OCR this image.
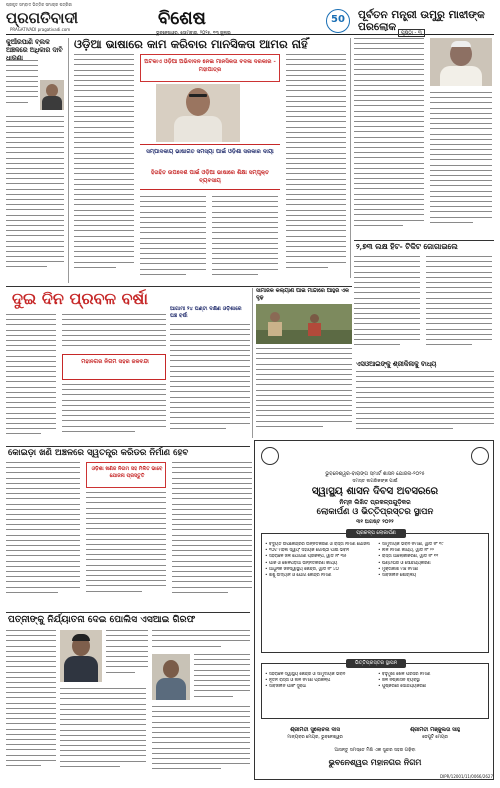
ପ୍ରକୃତ ସମ୍ବାଦ ଭିତ୍ତିକ ସମାଚାର ପତ୍ରିକା
ପ୍ରଗତିବାଦୀ
PRAGATIVADI pragativadi.com
ବିଶେଷ	50
ଭୁବନେଶ୍ୱର, ସୋମବାର, ୨୦୨୫, ୧୩ ଜୁଲାଇ	ପୃଷ୍ଠା - ୩
ପୂର୍ବତନ ମନ୍ତ୍ରୀ ଉମୁରୁ ମାଝୀଙ୍କ ପରଲୋକ
କୁଆଁରପାଣି ବ୍ଲକ ଅଞ୍ଚଳରେ ଅଧିକାର ଦାବି ଧାରଣା
ଓଡ଼ିଆ ଭାଷାରେ କାମ କରିବାର ମାନସିକତା ଆମର ନାହିଁ
ଅଟକାଏ ଓଡ଼ିଆ ଅଭିବାଦନ ନେଇ ମାନସିକତା ବଦଳା ଦରକାର - ମହାପାତ୍ର
ସମ୍ପାଦକୀୟ ଭାଷାଗତ ସମସ୍ୟା ପାଇଁ ଓଡ଼ିଶା ସରକାର ଦାୟୀ
ହିତାହିତ ଉପଦେଶ ପାଇଁ ଓଡ଼ିଆ ଭାଷାରେ ଶିକ୍ଷା ସମ୍ପୃକ୍ତ ବ୍ୟବସାୟ
୨,୭୩ ଲକ୍ଷ ହିଟ- ଟିକିଟ ଜୋଗାଇଲେ
ଦୁଇ ଦିନ ପ୍ରବଳ ବର୍ଷା
ମହାନଗର ନିଗମ ସହର ଜଳବନ୍ଦୀ
ଆଗାମୀ ୨୪ ଘଣ୍ଟା ଦକ୍ଷିଣ ଓଡ଼ିଶାରେ ଘଞ୍ଚ ବର୍ଷା
ସାମାଜିକ କଲ୍ୟାଣ ପାଇଁ ମାନ୍ଦାରେ ଆହୁରି ଏକ ଦୃଢ଼
ଏସଓଆଇଙ୍କୁ ଶ୍ରୀକିଳାକୁ ବାଧ୍ୟ
କୋଇଡ଼ା ଖଣି ଅଞ୍ଚଳରେ ସ୍ୱତନ୍ତ୍ର କରିଡର ନିର୍ମାଣ ହେବ
ଓଡ଼ିଶା ଖଣିଜ ନିଗମ ସହ ମିଳିତ ଭାବେ ଯୋଜନା ପ୍ରସ୍ତୁତି
ପତ୍ନୀଙ୍କୁ ନିର୍ଯ୍ୟାତନା ଦେଇ ପୋଲିସ ଏସଆଇ ଗିରଫ
ଭୁବନେଶ୍ୱର-ବାରାଙ୍ଗ ସ୍ମାର୍ଟ ଶାସନ ଯୋଜନା-୨୦୨୫
ସମସ୍ତ ନାଗରିକଙ୍କ ପାଇଁ
ସ୍ୱାସ୍ଥ୍ୟ ଶାସନ ଦିବସ ଅବସରରେ
ନିମ୍ନ ଲିଖିତ ପ୍ରକଳ୍ପଗୁଡ଼ିକର
ଲୋକାର୍ପଣ ଓ ଭିତ୍ତିପ୍ରସ୍ତର ସ୍ଥାପନ
୩୧ ଅଗଷ୍ଟ ୨୦୨୨
ପ୍ରକଳ୍ପ ଲୋକାର୍ପଣ
• ବିଦ୍ୟୁତ ଉପକେନ୍ଦ୍ରର ଉନ୍ନତିକରଣ ଓ ରାସ୍ତା ନିର୍ମାଣ ଯୋଜନା
• ୧୦ଟି ମହିଳା ସ୍ୱୟଂ ସହାୟକ ଗୋଷ୍ଠୀ ପାଇଁ ଭବନ
• ସହରାଞ୍ଚଳ ଜଳ ଯୋଗାଣ ପ୍ରକଳ୍ପ, ୱାର୍ଡ ନଂ ୩୫
• ପାର୍କ ଓ ଖେଳପଡ଼ିଆ ଉନ୍ନତିକରଣ କାର୍ଯ୍ୟ
• ଆଧୁନିକ ଜନସ୍ୱାସ୍ଥ୍ୟ କେନ୍ଦ୍ର, ୱାର୍ଡ ନଂ ୪୦
• ଶିଶୁ ଉଦ୍ୟାନ ଓ ଯୋଗ କେନ୍ଦ୍ର ନିର୍ମାଣ
• ସାମୁଦାୟିକ ଭବନ ନିର୍ମାଣ, ୱାର୍ଡ ନଂ ୧୯
• ନାଳ ନିର୍ମାଣ କାର୍ଯ୍ୟ, ୱାର୍ଡ ନଂ ୨୨
• ରାସ୍ତା ଆଲୋକୀକରଣ, ୱାର୍ଡ ନଂ ୧୧
• ଘଣ୍ଟାଘର ଓ ସୌନ୍ଦର୍ଯ୍ୟକରଣ
• ମୁକ୍ତାକାଶ ମଞ୍ଚ ନିର୍ମାଣ
• ସାର୍ବଜନୀନ ଶୌଚାଳୟ
ଭିତ୍ତିପ୍ରସ୍ତର ସ୍ଥାପନ
• ସହରାଞ୍ଚଳ ସ୍ୱାସ୍ଥ୍ୟ କେନ୍ଦ୍ର ଓ ସାମୁଦାୟିକ ଭବନ
• ନୂତନ ରାସ୍ତା ଓ ନାଳ ନିର୍ମାଣ ପ୍ରକଳ୍ପ
• ସାର୍ବଜନୀନ ପାର୍କିଂ ସୁବିଧା
• ବହୁମୁଖୀ ଖେଳ ପରିସର ନିର୍ମାଣ
• ଜଳ ନିଷ୍କାସନ ବ୍ୟବସ୍ଥା
• ପୁଷ୍କରିଣୀ ସୌନ୍ଦର୍ଯ୍ୟକରଣ
ଶ୍ରୀମତୀ ସୁଲୋଚନା ଦାସ
ମାନ୍ୟବର ମେୟର, ଭୁବନେଶ୍ୱର
ଶ୍ରୀମତୀ ମଞ୍ଜୁଲତା ସାହୁ
ଡେପୁଟି ମେୟର
ଆସନ୍ତୁ ସମସ୍ତେ ମିଶି ଏକ ସୁନ୍ଦର ସହର ଗଢ଼ିବା
ଭୁବନେଶ୍ୱର ମହାନଗର ନିଗମ
DIPR/12001/11/0066/2627
